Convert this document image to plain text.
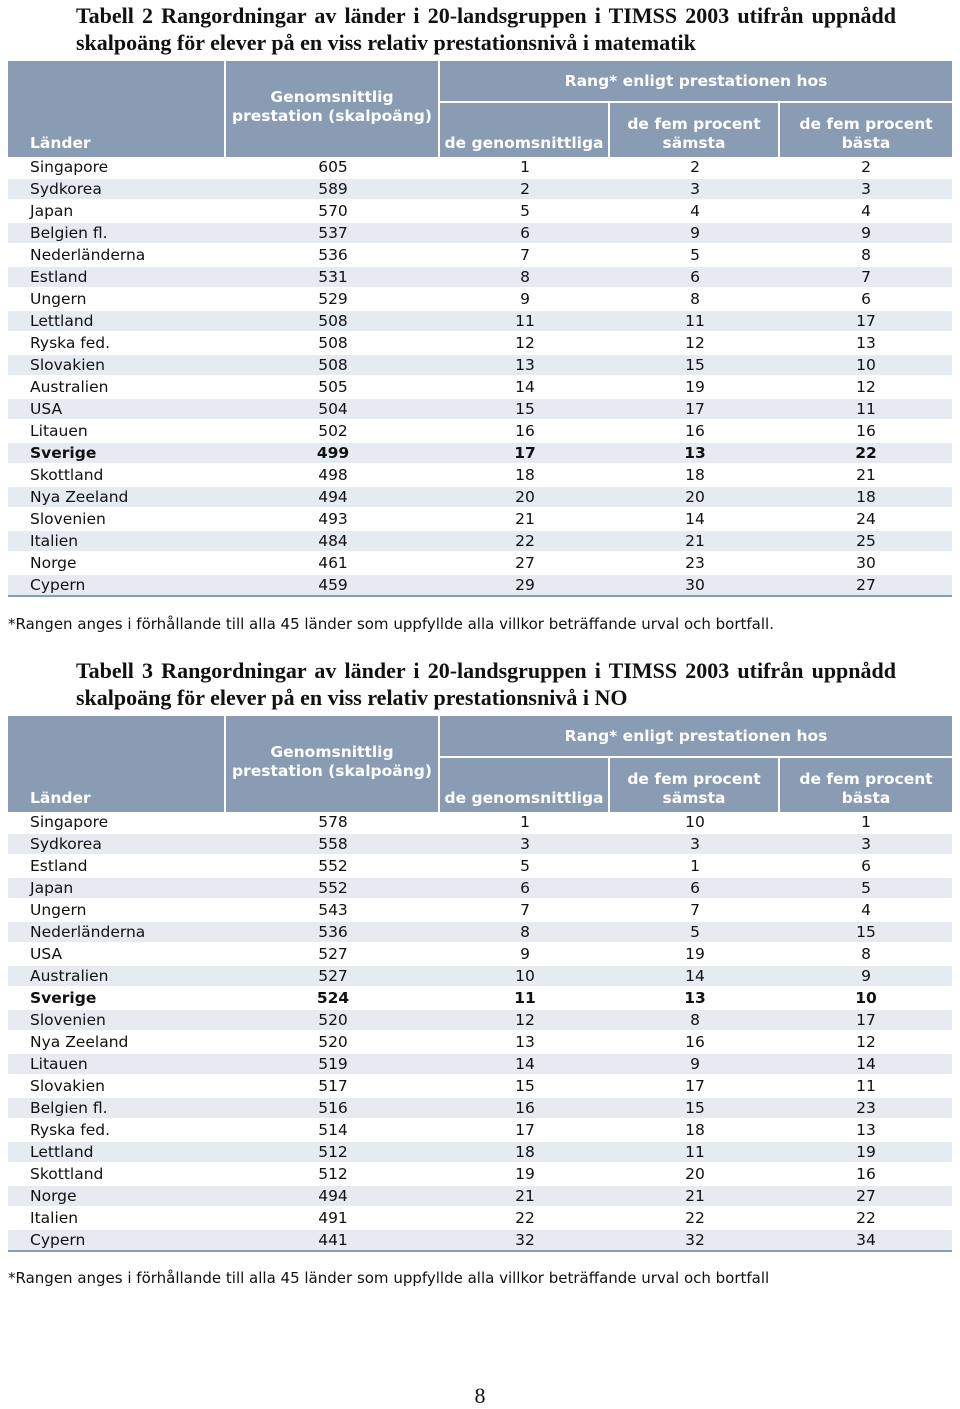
Tabell 2 Rangordningar av länder i 20-landsgruppen i TIMSS 2003 utifrån uppnådd skalpoäng för elever på en viss relativ prestationsnivå i matematik

Länder	Genomsnittlig prestation (skalpoäng)	Rang* enligt prestationen hos		
		de genomsnittliga	de fem procent sämsta	de fem procent bästa
Singapore	605	1	2	2
Sydkorea	589	2	3	3
Japan	570	5	4	4
Belgien fl.	537	6	9	9
Nederländerna	536	7	5	8
Estland	531	8	6	7
Ungern	529	9	8	6
Lettland	508	11	11	17
Ryska fed.	508	12	12	13
Slovakien	508	13	15	10
Australien	505	14	19	12
USA	504	15	17	11
Litauen	502	16	16	16
Sverige	499	17	13	22
Skottland	498	18	18	21
Nya Zeeland	494	20	20	18
Slovenien	493	21	14	24
Italien	484	22	21	25
Norge	461	27	23	30
Cypern	459	29	30	27

*Rangen anges i förhållande till alla 45 länder som uppfyllde alla villkor beträffande urval och bortfall.

Tabell 3 Rangordningar av länder i 20-landsgruppen i TIMSS 2003 utifrån uppnådd skalpoäng för elever på en viss relativ prestationsnivå i NO

Länder	Genomsnittlig prestation (skalpoäng)	Rang* enligt prestationen hos		
		de genomsnittliga	de fem procent sämsta	de fem procent bästa
Singapore	578	1	10	1
Sydkorea	558	3	3	3
Estland	552	5	1	6
Japan	552	6	6	5
Ungern	543	7	7	4
Nederländerna	536	8	5	15
USA	527	9	19	8
Australien	527	10	14	9
Sverige	524	11	13	10
Slovenien	520	12	8	17
Nya Zeeland	520	13	16	12
Litauen	519	14	9	14
Slovakien	517	15	17	11
Belgien fl.	516	16	15	23
Ryska fed.	514	17	18	13
Lettland	512	18	11	19
Skottland	512	19	20	16
Norge	494	21	21	27
Italien	491	22	22	22
Cypern	441	32	32	34

*Rangen anges i förhållande till alla 45 länder som uppfyllde alla villkor beträffande urval och bortfall

8
